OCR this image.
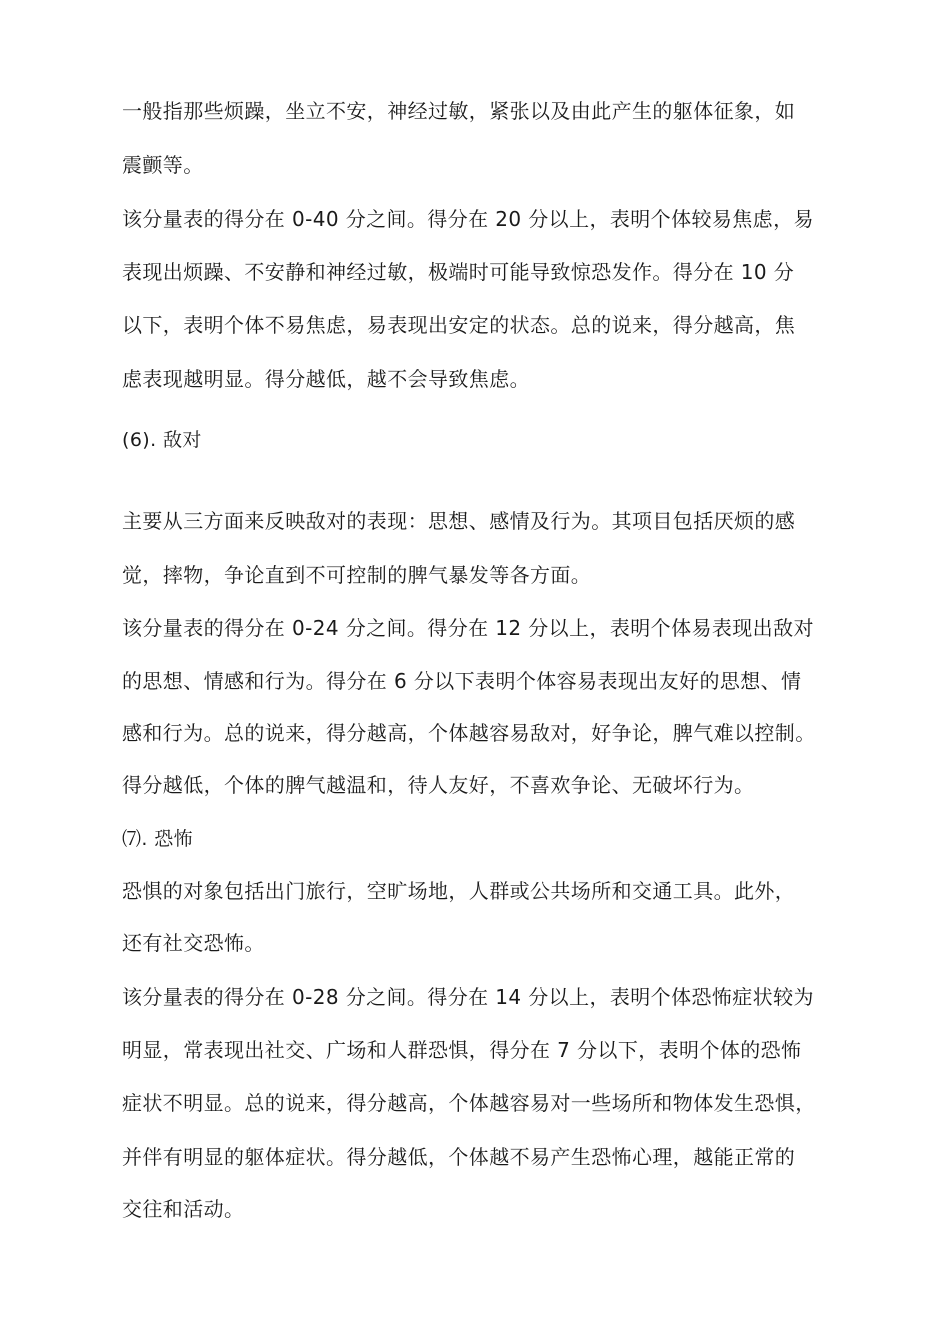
一般指那些烦躁，坐立不安，神经过敏，紧张以及由此产生的躯体征象，如
震颤等。
该分量表的得分在 0-40 分之间。得分在 20 分以上，表明个体较易焦虑，易
表现出烦躁、不安静和神经过敏，极端时可能导致惊恐发作。得分在 10 分
以下，表明个体不易焦虑，易表现出安定的状态。总的说来，得分越高，焦
虑表现越明显。得分越低，越不会导致焦虑。
(6). 敌对
主要从三方面来反映敌对的表现：思想、感情及行为。其项目包括厌烦的感
觉，摔物，争论直到不可控制的脾气暴发等各方面。
该分量表的得分在 0-24 分之间。得分在 12 分以上，表明个体易表现出敌对
的思想、情感和行为。得分在 6 分以下表明个体容易表现出友好的思想、情
感和行为。总的说来，得分越高，个体越容易敌对，好争论，脾气难以控制。
得分越低，个体的脾气越温和，待人友好，不喜欢争论、无破坏行为。
⑺. 恐怖
恐惧的对象包括出门旅行，空旷场地，人群或公共场所和交通工具。此外，
还有社交恐怖。
该分量表的得分在 0-28 分之间。得分在 14 分以上，表明个体恐怖症状较为
明显，常表现出社交、广场和人群恐惧，得分在 7 分以下，表明个体的恐怖
症状不明显。总的说来，得分越高，个体越容易对一些场所和物体发生恐惧，
并伴有明显的躯体症状。得分越低，个体越不易产生恐怖心理，越能正常的
交往和活动。
